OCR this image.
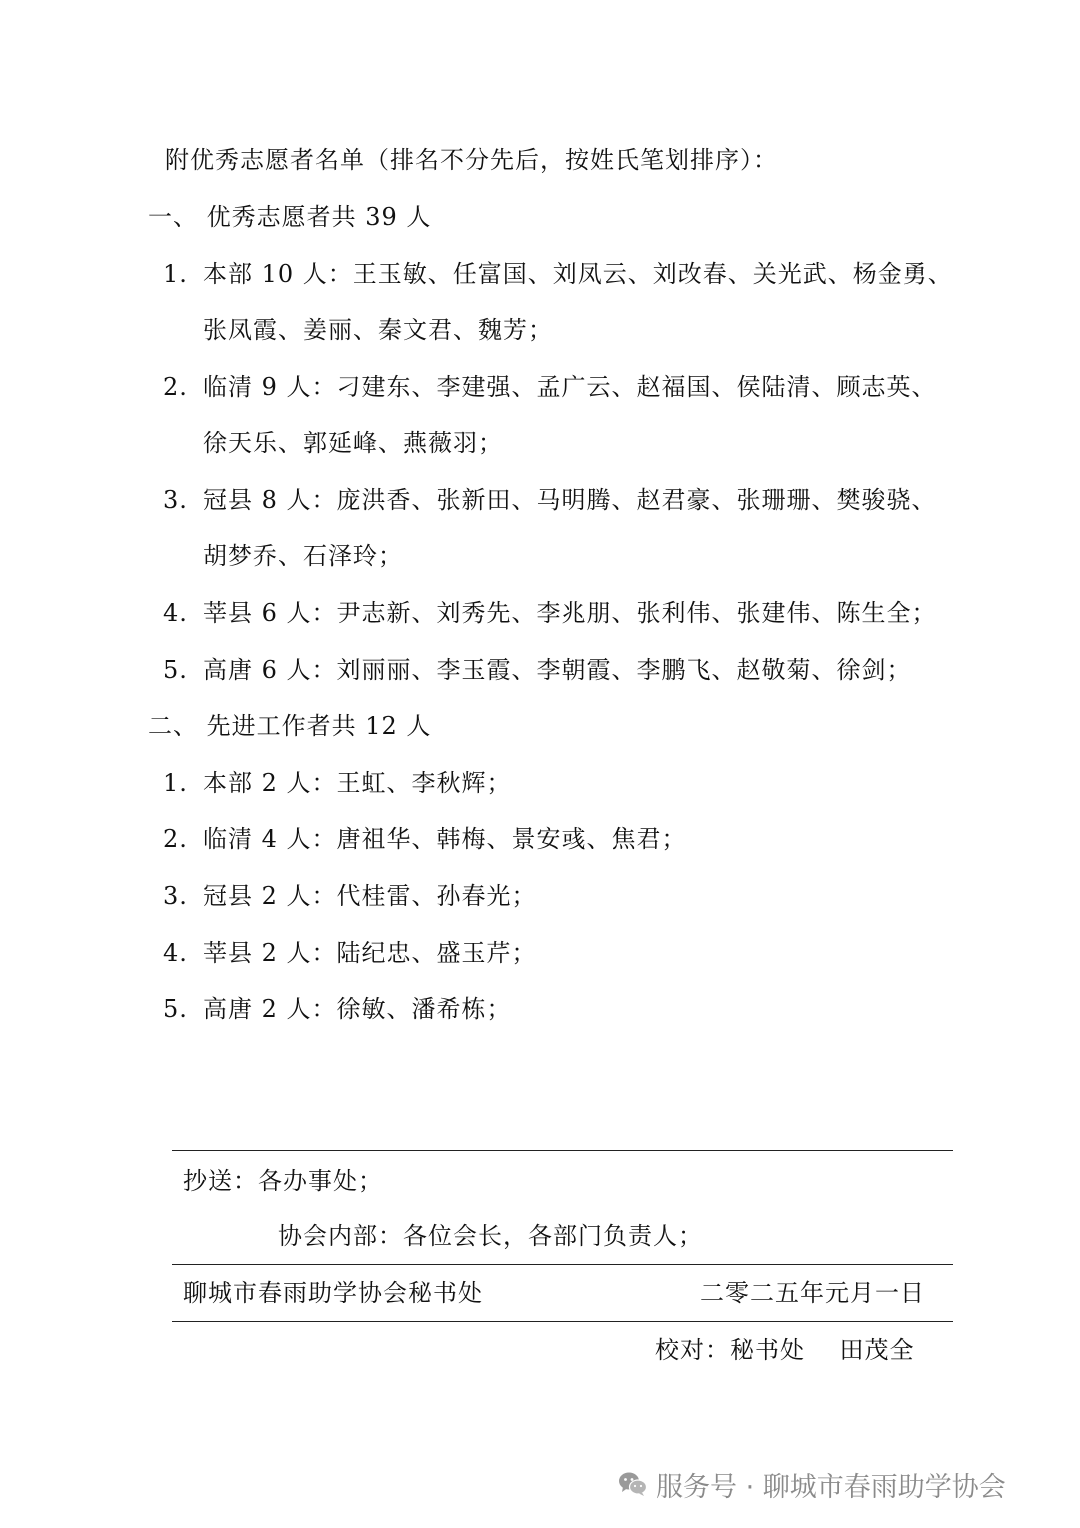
附优秀志愿者名单（排名不分先后，按姓氏笔划排序）：
一、 优秀志愿者共 39 人
1. 本部 10 人：王玉敏、任富国、刘凤云、刘改春、关光武、杨金勇、
张凤霞、姜丽、秦文君、魏芳；
2. 临清 9 人：刁建东、李建强、孟广云、赵福国、侯陆清、顾志英、
徐天乐、郭延峰、燕薇羽；
3. 冠县 8 人：庞洪香、张新田、马明腾、赵君豪、张珊珊、樊骏骁、
胡梦乔、石泽玲；
4. 莘县 6 人：尹志新、刘秀先、李兆朋、张利伟、张建伟、陈生全；
5. 高唐 6 人：刘丽丽、李玉霞、李朝霞、李鹏飞、赵敬菊、徐剑；
二、 先进工作者共 12 人
1. 本部 2 人：王虹、李秋辉；
2. 临清 4 人：唐祖华、韩梅、景安彧、焦君；
3. 冠县 2 人：代桂雷、孙春光；
4. 莘县 2 人：陆纪忠、盛玉芹；
5. 高唐 2 人：徐敏、潘希栋；
抄送：各办事处；
协会内部：各位会长，各部门负责人；
聊城市春雨助学协会秘书处	二零二五年元月一日
校对：秘书处    田茂全
服务号 · 聊城市春雨助学协会
